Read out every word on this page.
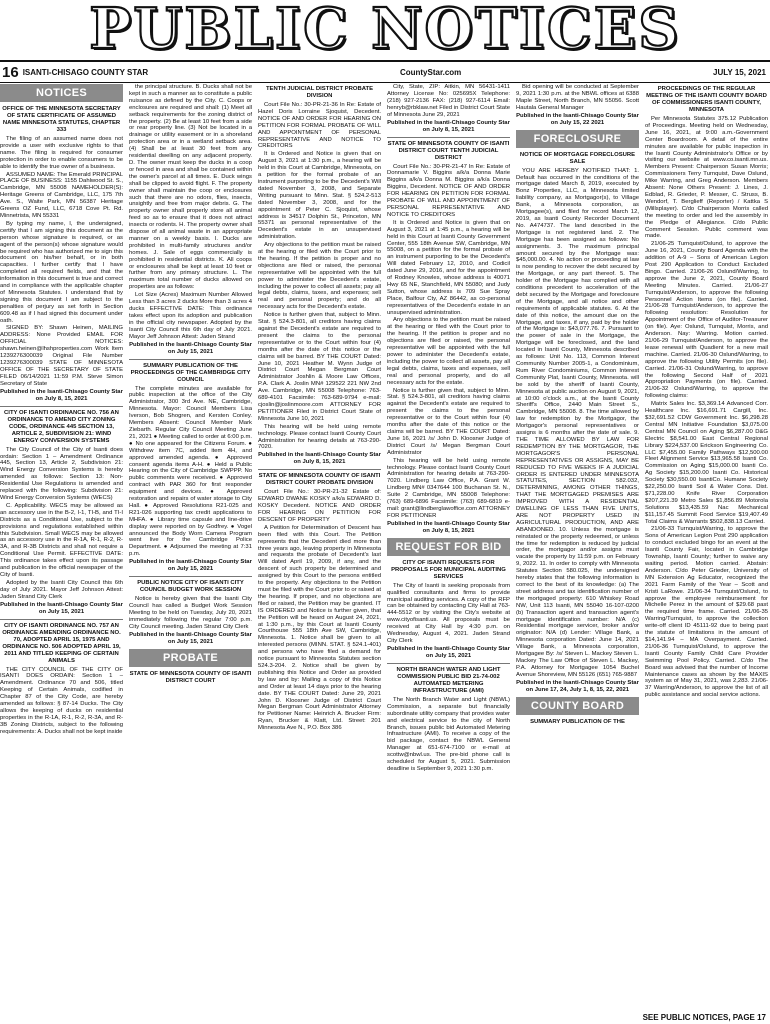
PUBLIC NOTICES
16 ISANTI-CHISAGO COUNTY STAR	CountyStar.com	JULY 15, 2021
NOTICES
OFFICE OF THE MINNESOTA SECRETARY OF STATE CERTIFICATE OF ASSUMED NAME MINNESOTA STATUTES, CHAPTER 333

The filing of an assumed name does not provide a user with exclusive rights to that name. The filing is required for consumer protection in order to enable consumers to be able to identify the true owner of a business.

ASSUMED NAME: The Emerald PRINCIPAL PLACE OF BUSINESS: 1155 Dahlwood St. S., Cambridge, MN 55008 NAMEHOLDER(S): Heritage Greens of Cambridge, LLC, 175 7th Ave. S., Waite Park, MN 56387 Heritage Greens OZ Fund, LLC, 6718 Cove Pt. Rd. Minnetrista, MN 55331

By typing my name, I, the undersigned, certify that I am signing this document as the person whose signature is required, or as agent of the person(s) whose signature would be required who has authorized me to sign this document on his/her behalf, or in both capacities. I further certify that I have completed all required fields, and that the information in this document is true and correct and in compliance with the applicable chapter of Minnesota Statutes. I understand that by signing this document I am subject to the penalties of perjury as set forth in Section 609.48 as if I had signed this document under oath.

SIGNED BY: Shawn Heinen, MAILING ADDRESS: None Provided EMAIL FOR OFFICIAL NOTICES: shawn.heinen@lhshproperties.com Work Item 1239276300039 Original File Number 1239276300039 STATE OF MINNESOTA OFFICE OF THE SECRETARY OF STATE FILED 06/14/2021 11:59 P.M. Steve Simon Secretary of State

Published in the Isanti-Chisago County Star on July 8, 15, 2021
CITY OF ISANTI ORDINANCE NO. 756 AN ORDINANCE TO AMEND CITY ZONING CODE, ORDINANCE 445 SECTION 13, ARTICLE 2, SUBDIVISION 21: WIND ENERGY CONVERSION SYSTEMS

The City Council of the City of Isanti does ordain: Section 1 – Amendment Ordinance 445, Section 13, Article 2, Subdivision 21: Wind Energy Conversion Systems is hereby amended as follows: Section 13: Non-Residential Use Regulations is amended and replaced with the following: Subdivision 21: Wind Energy Conversion Systems (WECS)

C. Applicability. WECS may be allowed as an accessory use in the B-2, I-1, TI-B, and TI-I Districts as a Conditional Use, subject to the provisions and regulations established within this Subdivision. Small WECS may be allowed as an accessory use in the R-1A, R-1, R-2, R-3A, and R-3B Districts and shall not require a Conditional Use Permit. EFFECTIVE DATE: This ordinance takes effect upon its passage and publication in the official newspaper of the City of Isanti.

Adopted by the Isanti City Council this 6th day of July 2021. Mayor Jeff Johnson Attest: Jaden Strand City Clerk

Published in the Isanti-Chisago County Star on July 15, 2021
CITY OF ISANTI ORDINANCE NO. 757 AN ORDINANCE AMENDING ORDINANCE NO. 70, ADOPTED APRIL 15, 1975 AND ORDINANCE NO. 506 ADOPTED APRIL 19, 2011 AND TITLED KEEPING OF CERTAIN ANIMALS

THE CITY COUNCIL OF THE CITY OF ISANTI DOES ORDAIN: Section 1 – Amendment. Ordinance 70 and 506, titled Keeping of Certain Animals, codified in Chapter 87 of the City Code, are hereby amended as follows: § 87-14 Ducks. The City allows the keeping of ducks on residential properties in the R-1A, R-1, R-2, R-3A, and R-3B Zoning Districts, subject to the following requirements: A. Ducks shall not be kept inside

the principal structure. B. Ducks shall not be kept in such a manner as to constitute a public nuisance as defined by the City. C. Coops or enclosures are required and shall: (1) Meet all setback requirements for the zoning district of the property. (2) Be at least 10 feet from a side or rear property line. (3) Not be located in a drainage or utility easement or in a shoreland protection area or in a wetland setback area. (4) Shall be at least 30 feet from any residential dwelling on any adjacent property. D. The owner must keep the ducks in a coop or fenced in area and shall be contained within the owner's parcel at all times. E. Duck wings shall be clipped to avoid flight. F. The property owner shall maintain the coop or enclosures such that there are no odors, flies, insects, unsightly and free from major debris. G. The property owner shall properly store all animal feed so as to ensure that it does not attract insects or rodents. H. The property owner shall dispose of all animal waste in an appropriate manner on a weekly basis. I. Ducks are prohibited in multi-family structures and/or homes. J. Sale of eggs commercially is prohibited in residential districts. K. All coops or enclosures shall be kept at least 10 feet or further from any primary structure. L. The maximum total number of ducks allowed on properties are as follows:

Lot Size (Acres) Maximum Number Allowed Less than 3 acres 2 ducks More than 3 acres 4 ducks EFFECTIVE DATE: This ordinance takes effect upon its adoption and publication in the official city newspaper. Adopted by the Isanti City Council this 6th day of July 2021. Mayor Jeff Johnson Attest: Jaden Strand

Published in the Isanti-Chisago County Star on July 15, 2021
SUMMARY PUBLICATION OF THE PROCEEDINGS OF THE CAMBRIDGE CITY COUNCIL

The complete minutes are available for public inspection at the office of the City Administrator, 300 3rd Ave. NE, Cambridge, Minnesota. Mayor: Council Members Lisa Iverson, Bob Shogren, and Kersten Conley. Members Absent: Council Member Mark Ziebarth. Regular City Council Meeting June 21, 2021 ● Meeting called to order at 6:00 p.m. ● No one appeared for the Citizens Forum. ● Withdrew item 7C, added item 4H, and approved amended agenda. ● Approved consent agenda items A-H. ● Held a Public Hearing on the City of Cambridge SWPPP. No public comments were received. ● Approved contract with PAR 360 for first responder equipment and devices. ● Approved restoration and repairs of water storage to City Hall. ● Approved Resolutions R21-025 and R21-026 supporting tax credit applications to MHFA. ● Library time capsule and line-drive display were reported on by Godfrey. ● Vogel announced the Body Worn Camera Program went live for the Cambridge Police Department. ● Adjourned the meeting at 7:31 p.m.

Published in the Isanti-Chisago County Star on July 15, 2021
PUBLIC NOTICE CITY OF ISANTI CITY COUNCIL BUDGET WORK SESSION

Notice is hereby given that the Isanti City Council has called a Budget Work Session Meeting to be held on Tuesday, July 20, 2021 immediately following the regular 7:00 p.m. City Council meeting. Jaden Strand City Clerk

Published in the Isanti-Chisago County Star on July 15, 2021
PROBATE
STATE OF MINNESOTA COUNTY OF ISANTI DISTRICT COURT
TENTH JUDICIAL DISTRICT PROBATE DIVISION

Court File No.: 30-PR-21-36 In Re: Estate of Hazel Doris Lorraine Sjoquist, Decedent. NOTICE OF AND ORDER FOR HEARING ON PETITION FOR FORMAL PROBATE OF WILL AND APPOINTMENT OF PERSONAL REPRESENTATIVE AND NOTICE TO CREDITORS

It is Ordered and Notice is given that on August 3, 2021 at 1:30 p.m., a hearing will be held in this Court at Cambridge, Minnesota, on a petition for the formal probate of an instrument purporting to be the Decedent's Will dated November 3, 2008, and Separate Writing pursuant to Minn. Stat. § 524.2-513 dated November 3, 2008, and for the appointment of Peter C. Sjoquist, whose address is 34517 Dolphin St., Princeton, MN 55371 as personal representative of the Decedent's estate in an unsupervised administration.

Any objections to the petition must be raised at the hearing or filed with the Court prior to the hearing. If the petition is proper and no objections are filed or raised, the personal representative will be appointed with the full power to administer the Decedent's estate, including the power to collect all assets; pay all legal debts, claims, taxes, and expenses; sell real and personal property; and do all necessary acts for the Decedent's estate.

Notice is further given that, subject to Minn. Stat. § 524.3-801, all creditors having claims against the Decedent's estate are required to present the claims to the personal representative or to the Court within four (4) months after the date of this notice or the claims will be barred. BY THE COURT Dated: June 10, 2021 Heather M. Wynn Judge of District Court Megan Bergman Court Administrator Joshlin & Moore Law Offices, P.A. Clark A. Joslin MN# 129522 221 NW 2nd Ave. Cambridge, MN 55008 Telephone: 763-689-4101 Facsimile: 763-689-9794 e-mail: cjoslin@joslinmoore.com ATTORNEY FOR PETITIONER Filed in District Court State of Minnesota June 10, 2021

This hearing will be held using remote technology. Please contact Isanti County Court Administration for hearing details at 763-290-7020.

Published in the Isanti-Chisago County Star on July 8, 15, 2021
STATE OF MINNESOTA COUNTY OF ISANTI DISTRICT COURT PROBATE DIVISION

Court File No.: 30-PR-21-32 Estate of: EDWARD DWANE KOSKY a/k/a EDWARD D. KOSKY Decedent. NOTICE AND ORDER FOR HEARING ON PETITION FOR DESCENT OF PROPERTY

A Petition for Determination of Descent has been filed with this Court. The Petition represents that the Decedent died more than three years ago, leaving property in Minnesota and requests the probate of Decedent's last Will dated April 19, 2009, if any, and the descent of such property be determined and assigned by this Court to the persons entitled to the property. Any objections to the Petition must be filed with the Court prior to or raised at the hearing. If proper, and no objections are filed or raised, the Petition may be granted. IT IS ORDERED and Notice is further given, that the Petition will be heard on August 24, 2021, at 1:30 p.m., by this Court at Isanti County Courthouse 555 18th Ave SW, Cambridge, Minnesota. 1. Notice shall be given to all interested persons (MINN. STAT. § 524.1-401) and persons who have filed a demand for notice pursuant to Minnesota Statutes section 524.3-204. 2. Notice shall be given by publishing this Notice and Order as provided by law and by: Mailing a copy of this Notice and Order at least 14 days prior to the hearing date. BY THE COURT Dated: June 29, 2021 John D. Kloosner Judge of District Court Megan Bergman Court Administrator Attorney for Petitioner Name: Heinrich A. Brucker Firm: Ryan, Brucker & Klatt, Ltd. Street: 201 Minnesota Ave N., P.O. Box 386

City, State, ZIP: Aitkin, MN 56431-1411 Attorney License No: 025695X Telephone: (218) 927-2136 FAX: (218) 927-6114 Email: henryb@rbklaw.net Filed in District Court State of Minnesota June 29, 2021

Published in the Isanti-Chisago County Star on July 8, 15, 2021
STATE OF MINNESOTA COUNTY OF ISANTI DISTRICT COURT TENTH JUDICIAL DISTRICT

Court File No.: 30-PR-21-47 In Re: Estate of Donnamarie V. Biggins a/k/a Donna Marie Biggins a/k/a Donna M. Biggins a/k/a Donna Biggins, Decedent. NOTICE OF AND ORDER FOR HEARING ON PETITION FOR FORMAL PROBATE OF WILL AND APPOINTMENT OF PERSONAL REPRESENTATIVE AND NOTICE TO CREDITORS

It is Ordered and Notice is given that on August 3, 2021 at 1:45 p.m., a hearing will be held in this Court at Isanti County Government Center, 555 18th Avenue SW, Cambridge, MN 55008, on a petition for the formal probate of an instrument purporting to be the Decedent's Will dated February 12, 2010, and Codicil dated June 29, 2016, and for the appointment of Rodney Knowles, whose address is 40071 Hwy 65 NE, Stanchfield, MN 55080; and Judy Sutton, whose address is 709 Sue Spray Place, Balfour Cty, AZ 86442, as co-personal representatives of the Decedent's estate in an unsupervised administration.

Any objections to the petition must be raised at the hearing or filed with the Court prior to the hearing. If the petition is proper and no objections are filed or raised, the personal representative will be appointed with the full power to administer the Decedent's estate, including the power to collect all assets, pay all legal debts, claims, taxes and expenses, sell real and personal property, and do all necessary acts for the estate.

Notice is further given that, subject to Minn. Stat. § 524.3-801, all creditors having claims against the Decedent's estate are required to present the claims to the personal representative or to the Court within four (4) months after the date of this notice or the claims will be barred. BY THE COURT Dated: June 16, 2021 /s/ John D. Kloosner Judge of District Court /s/ Megan Bergman Court Administrator

This hearing will be held using remote technology. Please contact Isanti County Court Administration for hearing details at 763-290-7020. Lindberg Law Office, P.A. Grant W. Lindberg MN# 0347644 100 Buchanan St. N., Suite 2 Cambridge, MN 55008 Telephone: (763) 689-6896 Facsimile: (763) 689-6819 e-mail: grant@lindberglawoffice.com ATTORNEY FOR PETITIONER

Published in the Isanti-Chisago County Star on July 8, 15, 2021
REQUEST FOR BID
CITY OF ISANTI REQUESTS FOR PROPOSALS FOR MUNICIPAL AUDITING SERVICES

The City of Isanti is seeking proposals from qualified consultants and firms to provide municipal auditing services. A copy of the RFP can be obtained by contacting City Hall at 763-444-5512 or by visiting the City's website at www.cityofisanti.us. All proposals must be received at City Hall by 4:30 p.m. on Wednesday, August 4, 2021. Jaden Strand City Clerk

Published in the Isanti-Chisago County Star on July 15, 2021
NORTH BRANCH WATER AND LIGHT COMMISSION PUBLIC BID 21-74-002 AUTOMATED METERING INFRASTRUCTURE (AMI)

The North Branch Water and Light (NBWL) Commission, a separate but financially subordinate utility company that provides water and electrical service to the city of North Branch, issues public bid Automated Metering Infrastructure (AMI). To receive a copy of the bid package, contact the NBWL General Manager at 651-674-7100 or e-mail at scottw@nbwl.us. The pre-bid phone call is scheduled for August 5, 2021. Submission deadline is September 9, 2021 1:30 p.m.

Bid opening will be conducted at September 9, 2021 1:30 p.m. at the NBWL offices at 6388 Maple Street, North Branch, MN 55056. Scott Hautala General Manager

Published in the Isanti-Chisago County Star on July 15, 22 2021
FORECLOSURE
NOTICE OF MORTGAGE FORECLOSURE SALE

YOU ARE HEREBY NOTIFIED THAT: 1. Default has occurred in the conditions of the mortgage dated March 8, 2019, executed by Bonz Properties, LLC, a Minnesota limited liability company, as Mortgagor(s), to Village Bank, a Minnesota corporation, as Mortgagee(s), and filed for record March 12, 2019, as Isanti County Recorder Document No. A474737. The land described in the Mortgage is not registered land. 2. The Mortgage has been assigned as follows: No assignments. 3. The maximum principal amount secured by the Mortgage was: $45,000.00. 4. No action or proceeding at law is now pending to recover the debt secured by the Mortgage, or any part thereof. 5. The holder of the Mortgage has complied with all conditions precedent to acceleration of the debt secured by the Mortgage and foreclosure of the Mortgage, and all notice and other requirements of applicable statutes. 6. At the date of this notice, the amount due on the Mortgage, and taxes, if any, paid by the holder of the Mortgage is: $43,077.76. 7. Pursuant to the power of sale in the Mortgage, the Mortgage will be foreclosed, and the land located in Isanti County, Minnesota described as follows: Unit No. 113, Common Interest Community Number 2005-1, a Condominium, Rum River Condominiums, Common Interest Community Plat, Isanti County, Minnesota. will be sold by the sheriff of Isanti County, Minnesota at public auction on August 9, 2021, at 10:00 o'clock a.m., at the Isanti County Sheriff's Office, 2440 Main Street S., Cambridge, MN 55008. 8. The time allowed by law for redemption by the Mortgagor, the Mortgagor's personal representatives or assigns is 6 months after the date of sale. 9. THE TIME ALLOWED BY LAW FOR REDEMPTION BY THE MORTGAGOR, THE MORTGAGOR'S PERSONAL REPRESENTATIVES OR ASSIGNS, MAY BE REDUCED TO FIVE WEEKS IF A JUDICIAL ORDER IS ENTERED UNDER MINNESOTA STATUTES, SECTION 582.032, DETERMINING, AMONG OTHER THINGS, THAT THE MORTGAGED PREMISES ARE IMPROVED WITH A RESIDENTIAL DWELLING OF LESS THAN FIVE UNITS, ARE NOT PROPERTY USED IN AGRICULTURAL PRODUCTION, AND ARE ABANDONED. 10. Unless the mortgage is reinstated or the property redeemed, or unless the time for redemption is reduced by judicial order, the mortgagor and/or assigns must vacate the property by 11:59 p.m. on February 9, 2022. 11. In order to comply with Minnesota Statutes Section 580.025, the undersigned hereby states that the following information is correct to the best of its knowledge: (a) The street address and tax identification number of the mortgaged property: 610 Whiskey Road NW, Unit 113 Isanti, MN 55040 16-107-0200 (b) Transaction agent and transaction agent's mortgage identification number: N/A (c) Residential mortgage servicer, broker and/or originator: N/A (d) Lender: Village Bank, a Minnesota corporation Dated: June 14, 2021 Village Bank, a Minnesota corporation, Mortgagee By: /s/ Steven L. Mackey Steven L. Mackey The Law Office of Steven L. Mackey, P.A. Attorney for Mortgagee 1054 Buchel Avenue Shoreview, MN 55126 (651) 765-9887

Published in the Isanti-Chisago County Star on June 17, 24, July 1, 8, 15, 22, 2021
COUNTY BOARD
SUMMARY PUBLICATION OF THE
PROCEEDINGS OF THE REGULAR MEETING OF THE ISANTI COUNTY BOARD OF COMMISSIONERS ISANTI COUNTY, MINNESOTA

Per Minnesota Statutes 375.12 Publication of Proceedings. Meeting held on Wednesday, June 16, 2021, at 9:00 a.m.-Government Center Boardroom. A detail of the entire minutes are available for public inspection in the Isanti County Administrator's Office or by visiting our website at www.co.isanti.mn.us. Members Present: Chairperson Susan Morris; Commissioners Terry Turnquist, Dave Oslund, Mike Warring, and Greg Anderson. Members Absent: None Others Present: J. Lines, J. Edblad, R. Grieder, P. Messer, C. Struss, B. Wendorf, T. Berglieff (Reporter) / Kattka S (Millsplayer). C/do Chairperson Morris called the meeting to order and led the assembly in the Pledge of Allegiance. C/do Public Comment Session. Public comment was made.

21/06-25 Turnquist/Oslund, to approve the June 16, 2021, County Board Agenda with the addition of A-9 – Sons of American Legion Post 290 Application to Conduct Excluded Bingo. Carried. 21/06-26 Oslund/Warring, to approve the June 2, 2021, County Board Meeting Minutes. Carried. 21/06-27 Turnquist/Anderson, to approve the following Personnel Action Items (on file). Carried. 21/06-28 Turnquist/Anderson, to approve the following resolution: Resolution for Appointment of the Office of Auditor-Treasurer (on file). Aye: Oslund, Turnquist, Morris, and Anderson. Nay: Warring. Motion carried. 21/06-29 Turnquist/Anderson, to approve the lease renewal with Quadient for a new mail machine. Carried. 21/06-30 Oslund/Warring, to approve the following Utility Permits (on file). Carried. 21/06-31 Oslund/Warring, to approve the following Second Half of 2021 Appropriation Payments (on file). Carried. 21/06-32 Oslund/Warring, to approve the following claims:

Matrix Sales Inc. $3,369.14 Advanced Corr. Healthcare Inc. $16,691.71 Cargill, Inc. $32,691.52 CDW Government Inc. $6,298.28 Central MN Initiative Foundation $3,075.00 Central MN Council on Aging $6,287.00 D&G Electric $8,541.00 East Central Regional Library $224,537.00 Erickson Engineering Co. LLC $7,455.00 Family Pathways $12,500.00 Fleet Alignment Service $13,965.58 Isanti Co. Commission on Aging $15,000.00 Isanti Co. Ag Society $15,200.00 Isanti Co. Historical Society $30,550.00 IsantiCo. Humane Society $22,250.00 Isanti Soil & Water Cons. Dist. $71,228.00 Knife River Corporation $207,221.39 Metro Sales $1,856.89 Motorola Solutions $13,435.59 Nac Mechanical $11,157.45 Summit Food Service $19,407.49 Total Claims & Warrants $502,838.13 Carried.

21/06-33 Turnquist/Warring, to approve the Sons of American Legion Post 290 application to conduct excluded bingo for an event at the Isanti County Fair, located in Cambridge Township, Isanti County; further to waive any waiting period. Motion carried. Abstain: Anderson. C/do Peter Grieder, University of MN Extension Ag Educator, recognized the 2021 Farm Family of the Year – Scott and Kristi LaRowe. 21/06-34 Turnquist/Oslund, to approve the employee reimbursement for Michelle Perez in the amount of $29.68 past the required time frame. Carried. 21/06-35 Warring/Turnquist, to approve the collection write-off client ID 45111-92 due to being past the statute of limitations in the amount of $14,141.94 – MA Overpayment. Carried. 21/06-36 Turnquist/Oslund, to approve the Isanti County Family Child Care Provider Swimming Pool Policy. Carried. C/do The Board was advised that the number of Income Maintenance cases as shown by the MAXIS system as of May 31, 2021, was 2,283. 21/06-37 Warring/Anderson, to approve the list of all public assistance and social service actions.

SEE PUBLIC NOTICES, PAGE 17
